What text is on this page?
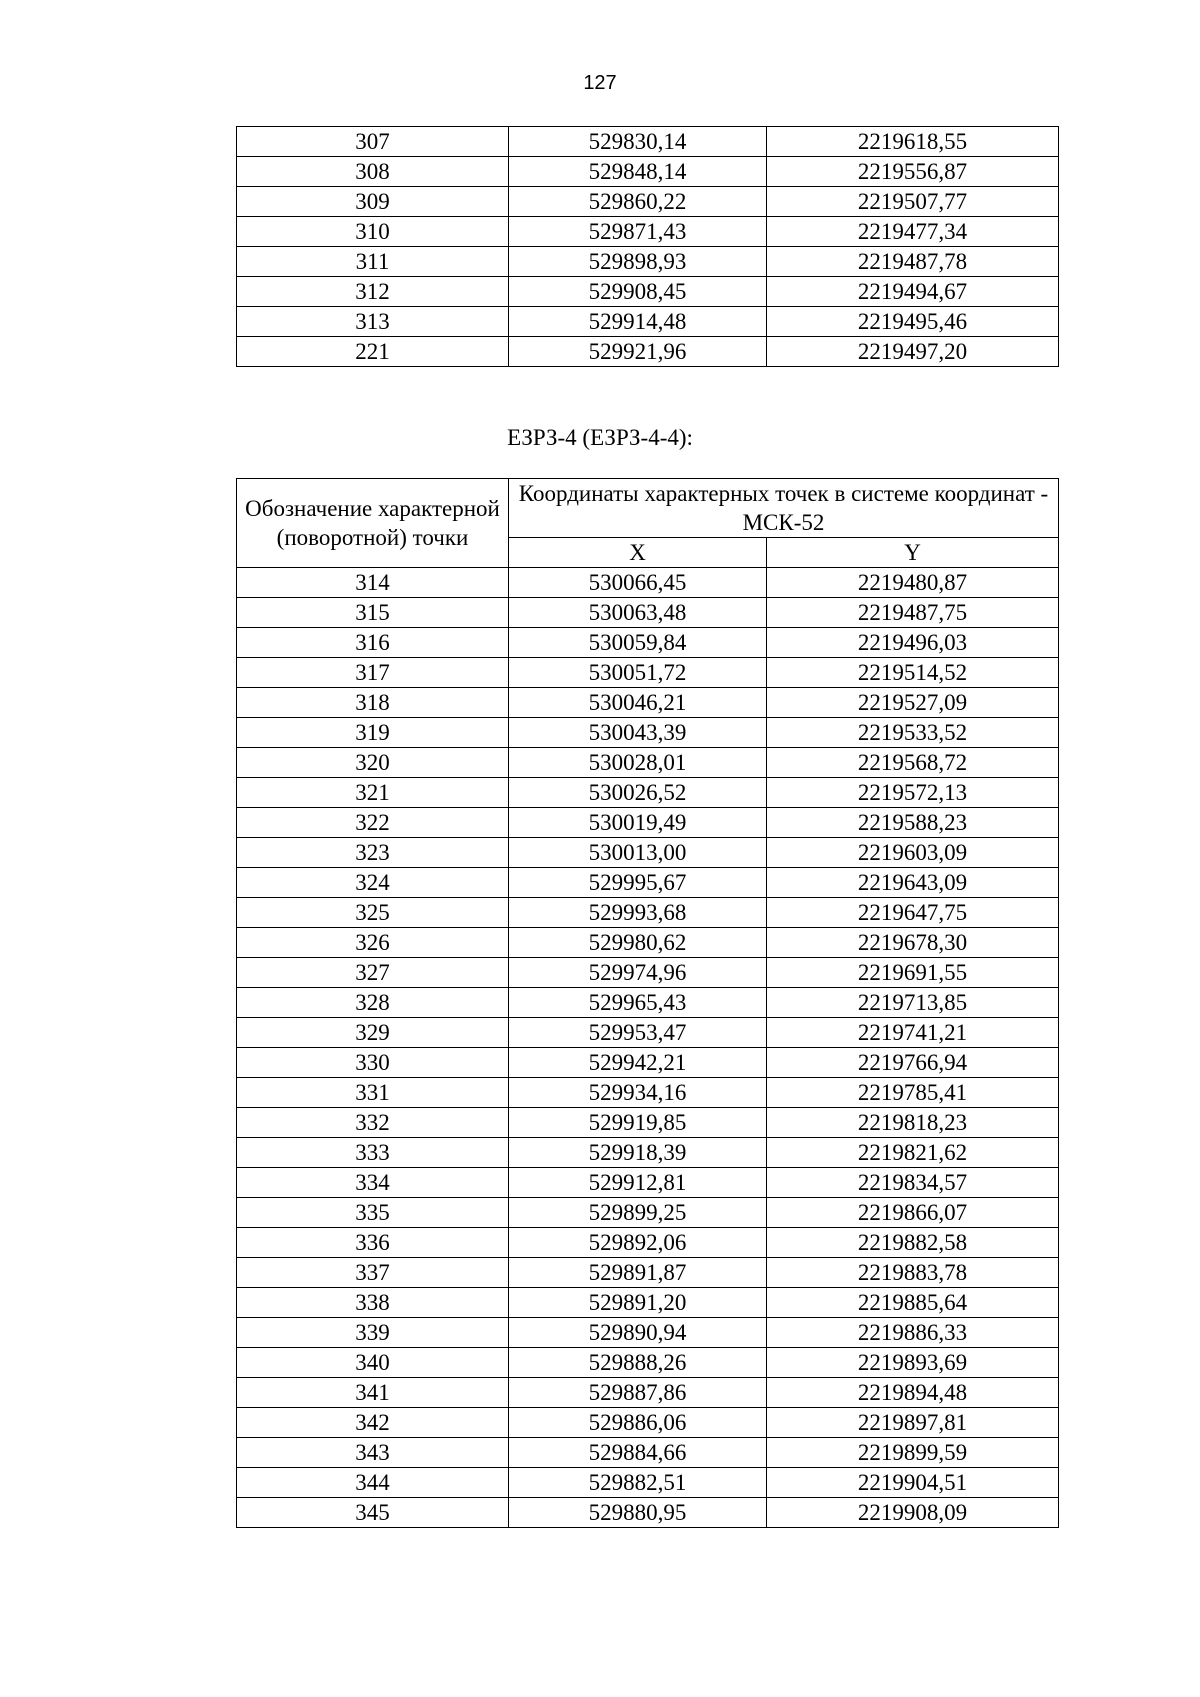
127
307	529830,14	2219618,55
308	529848,14	2219556,87
309	529860,22	2219507,77
310	529871,43	2219477,34
311	529898,93	2219487,78
312	529908,45	2219494,67
313	529914,48	2219495,46
221	529921,96	2219497,20
ЕЗРЗ-4 (ЕЗРЗ-4-4):
Обозначение характерной (поворотной) точки	Координаты характерных точек в системе координат - МСК-52	
	X	Y
314	530066,45	2219480,87
315	530063,48	2219487,75
316	530059,84	2219496,03
317	530051,72	2219514,52
318	530046,21	2219527,09
319	530043,39	2219533,52
320	530028,01	2219568,72
321	530026,52	2219572,13
322	530019,49	2219588,23
323	530013,00	2219603,09
324	529995,67	2219643,09
325	529993,68	2219647,75
326	529980,62	2219678,30
327	529974,96	2219691,55
328	529965,43	2219713,85
329	529953,47	2219741,21
330	529942,21	2219766,94
331	529934,16	2219785,41
332	529919,85	2219818,23
333	529918,39	2219821,62
334	529912,81	2219834,57
335	529899,25	2219866,07
336	529892,06	2219882,58
337	529891,87	2219883,78
338	529891,20	2219885,64
339	529890,94	2219886,33
340	529888,26	2219893,69
341	529887,86	2219894,48
342	529886,06	2219897,81
343	529884,66	2219899,59
344	529882,51	2219904,51
345	529880,95	2219908,09
